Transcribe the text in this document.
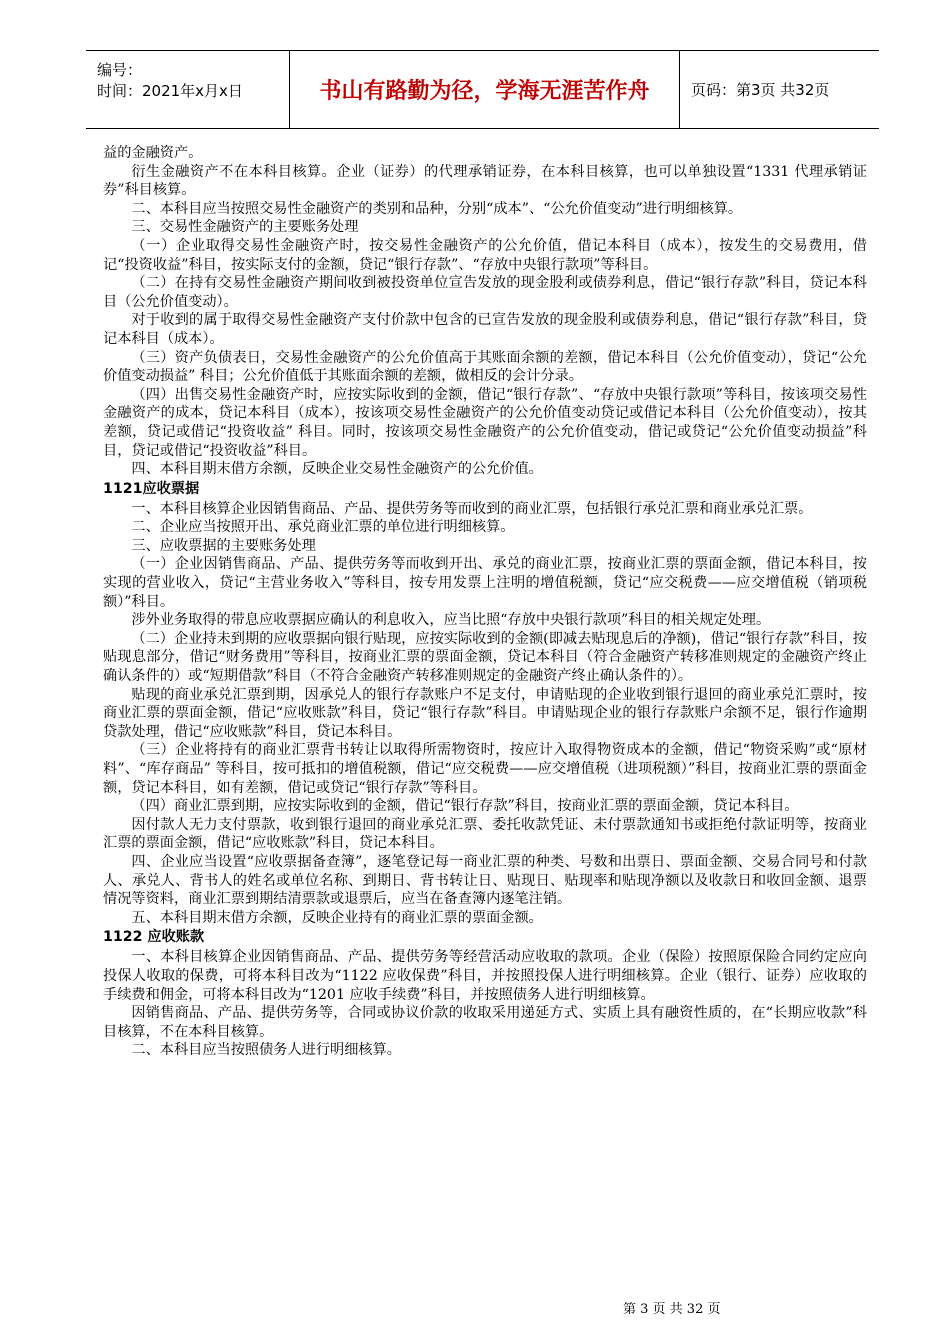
编号：
时间：2021年x月x日	书山有路勤为径，学海无涯苦作舟	页码：第3页 共32页

益的金融资产。

衍生金融资产不在本科目核算。企业（证券）的代理承销证券，在本科目核算，也可以单独设置“1331 代理承销证券”科目核算。

二、本科目应当按照交易性金融资产的类别和品种，分别“成本”、“公允价值变动”进行明细核算。

三、交易性金融资产的主要账务处理

（一）企业取得交易性金融资产时，按交易性金融资产的公允价值，借记本科目（成本），按发生的交易费用，借记“投资收益”科目，按实际支付的金额，贷记“银行存款”、“存放中央银行款项”等科目。

（二）在持有交易性金融资产期间收到被投资单位宣告发放的现金股利或债券利息，借记“银行存款”科目，贷记本科目（公允价值变动）。

对于收到的属于取得交易性金融资产支付价款中包含的已宣告发放的现金股利或债券利息，借记“银行存款”科目，贷记本科目（成本）。

（三）资产负债表日，交易性金融资产的公允价值高于其账面余额的差额，借记本科目（公允价值变动），贷记“公允价值变动损益” 科目；公允价值低于其账面余额的差额，做相反的会计分录。

（四）出售交易性金融资产时，应按实际收到的金额，借记“银行存款”、“存放中央银行款项”等科目，按该项交易性金融资产的成本，贷记本科目（成本），按该项交易性金融资产的公允价值变动贷记或借记本科目（公允价值变动），按其差额，贷记或借记“投资收益” 科目。同时，按该项交易性金融资产的公允价值变动，借记或贷记“公允价值变动损益”科目，贷记或借记“投资收益”科目。

四、本科目期末借方余额，反映企业交易性金融资产的公允价值。

1121应收票据

一、本科目核算企业因销售商品、产品、提供劳务等而收到的商业汇票，包括银行承兑汇票和商业承兑汇票。

二、企业应当按照开出、承兑商业汇票的单位进行明细核算。

三、应收票据的主要账务处理

（一）企业因销售商品、产品、提供劳务等而收到开出、承兑的商业汇票，按商业汇票的票面金额，借记本科目，按实现的营业收入，贷记“主营业务收入”等科目，按专用发票上注明的增值税额，贷记“应交税费——应交增值税（销项税额）”科目。

涉外业务取得的带息应收票据应确认的利息收入，应当比照“存放中央银行款项”科目的相关规定处理。

（二）企业持未到期的应收票据向银行贴现，应按实际收到的金额(即减去贴现息后的净额)，借记“银行存款”科目，按贴现息部分，借记“财务费用”等科目，按商业汇票的票面金额，贷记本科目（符合金融资产转移准则规定的金融资产终止确认条件的）或“短期借款”科目（不符合金融资产转移准则规定的金融资产终止确认条件的）。

贴现的商业承兑汇票到期，因承兑人的银行存款账户不足支付，申请贴现的企业收到银行退回的商业承兑汇票时，按商业汇票的票面金额，借记“应收账款”科目，贷记“银行存款”科目。申请贴现企业的银行存款账户余额不足，银行作逾期贷款处理，借记“应收账款”科目，贷记本科目。

（三）企业将持有的商业汇票背书转让以取得所需物资时，按应计入取得物资成本的金额，借记“物资采购”或“原材料”、“库存商品” 等科目，按可抵扣的增值税额，借记“应交税费——应交增值税（进项税额）”科目，按商业汇票的票面金额，贷记本科目，如有差额，借记或贷记“银行存款”等科目。

（四）商业汇票到期，应按实际收到的金额，借记“银行存款”科目，按商业汇票的票面金额，贷记本科目。

因付款人无力支付票款，收到银行退回的商业承兑汇票、委托收款凭证、未付票款通知书或拒绝付款证明等，按商业汇票的票面金额，借记“应收账款”科目，贷记本科目。

四、企业应当设置“应收票据备查簿”，逐笔登记每一商业汇票的种类、号数和出票日、票面金额、交易合同号和付款人、承兑人、背书人的姓名或单位名称、到期日、背书转让日、贴现日、贴现率和贴现净额以及收款日和收回金额、退票情况等资料，商业汇票到期结清票款或退票后，应当在备查簿内逐笔注销。

五、本科目期末借方余额，反映企业持有的商业汇票的票面金额。

1122 应收账款

一、本科目核算企业因销售商品、产品、提供劳务等经营活动应收取的款项。企业（保险）按照原保险合同约定应向投保人收取的保费，可将本科目改为“1122 应收保费”科目，并按照投保人进行明细核算。企业（银行、证券）应收取的手续费和佣金，可将本科目改为“1201 应收手续费”科目，并按照债务人进行明细核算。

因销售商品、产品、提供劳务等，合同或协议价款的收取采用递延方式、实质上具有融资性质的，在“长期应收款”科目核算，不在本科目核算。

二、本科目应当按照债务人进行明细核算。

第 3 页 共 32 页
